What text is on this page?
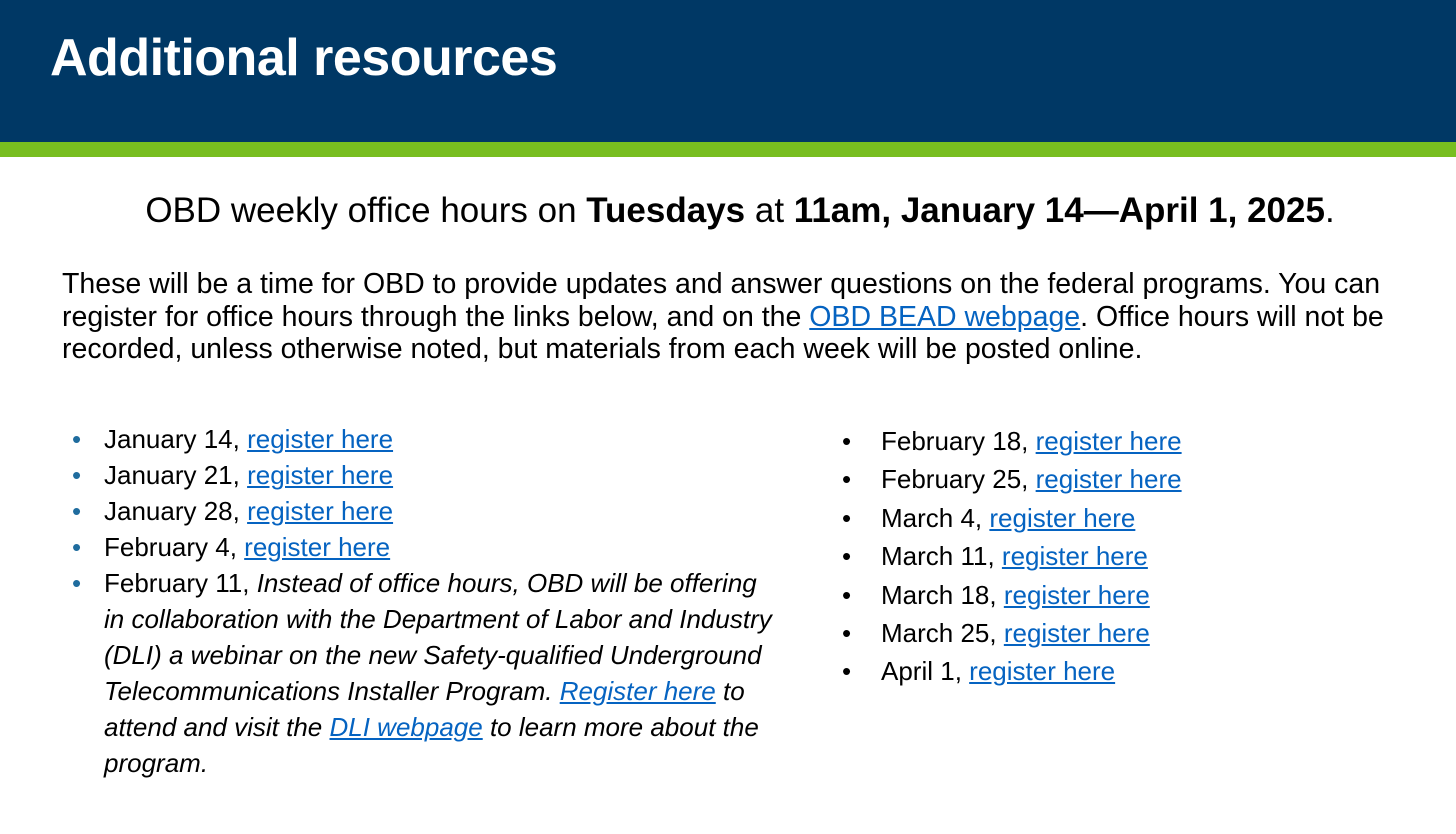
Additional resources
OBD weekly office hours on Tuesdays at 11am, January 14—April 1, 2025.

These will be a time for OBD to provide updates and answer questions on the federal programs. You can register for office hours through the links below, and on the OBD BEAD webpage. Office hours will not be recorded, unless otherwise noted, but materials from each week will be posted online.

• January 14, register here
• January 21, register here
• January 28, register here
• February 4, register here
• February 11, Instead of office hours, OBD will be offering in collaboration with the Department of Labor and Industry (DLI) a webinar on the new Safety-qualified Underground Telecommunications Installer Program. Register here to attend and visit the DLI webpage to learn more about the program.
• February 18, register here
• February 25, register here
• March 4, register here
• March 11, register here
• March 18, register here
• March 25, register here
• April 1, register here
